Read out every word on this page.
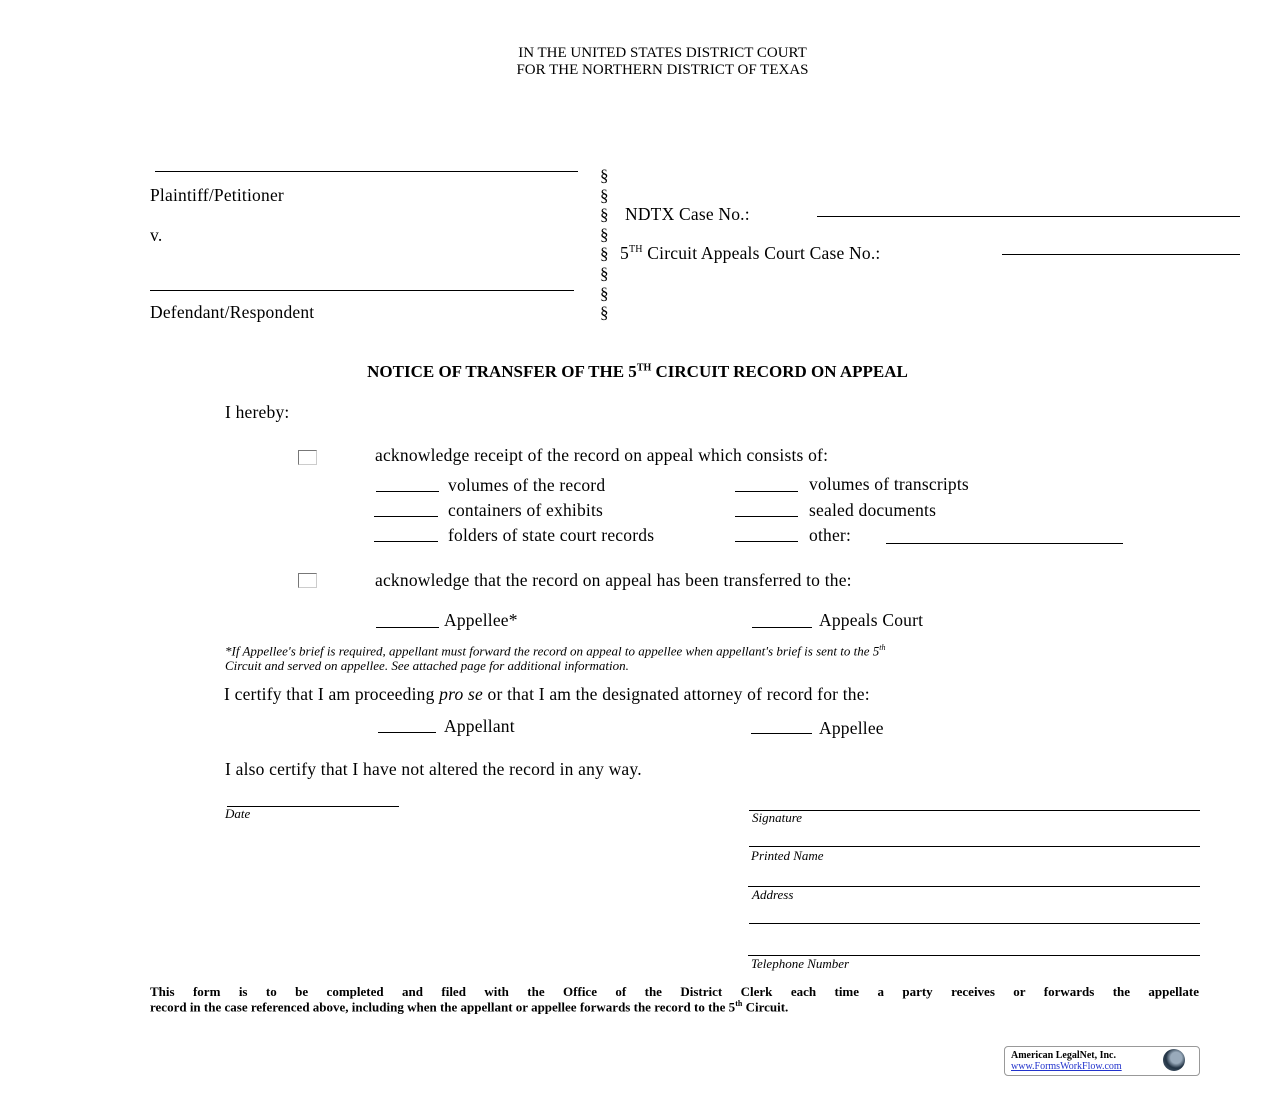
IN THE UNITED STATES DISTRICT COURT
FOR THE NORTHERN DISTRICT OF TEXAS
Plaintiff/Petitioner
v.
Defendant/Respondent
§
§
§
§
§
§
§
§
NDTX Case No.:
5TH Circuit Appeals Court Case No.:
NOTICE OF TRANSFER OF THE 5TH CIRCUIT RECORD ON APPEAL
I hereby:
acknowledge receipt of the record on appeal which consists of:
volumes of the record	volumes of transcripts
containers of exhibits	sealed documents
folders of state court records	other:
acknowledge that the record on appeal has been transferred to the:
Appellee*	Appeals Court
*If Appellee's brief is required, appellant must forward the record on appeal to appellee when appellant's brief is sent to the 5th
Circuit and served on appellee. See attached page for additional information.
I certify that I am proceeding pro se or that I am the designated attorney of record for the:
Appellant	Appellee
I also certify that I have not altered the record in any way.
Date	Signature
Printed Name
Address
Telephone Number
This form is to be completed and filed with the Office of the District Clerk each time a party receives or forwards the appellate
record in the case referenced above, including when the appellant or appellee forwards the record to the 5th Circuit.
American LegalNet, Inc.
www.FormsWorkFlow.com
